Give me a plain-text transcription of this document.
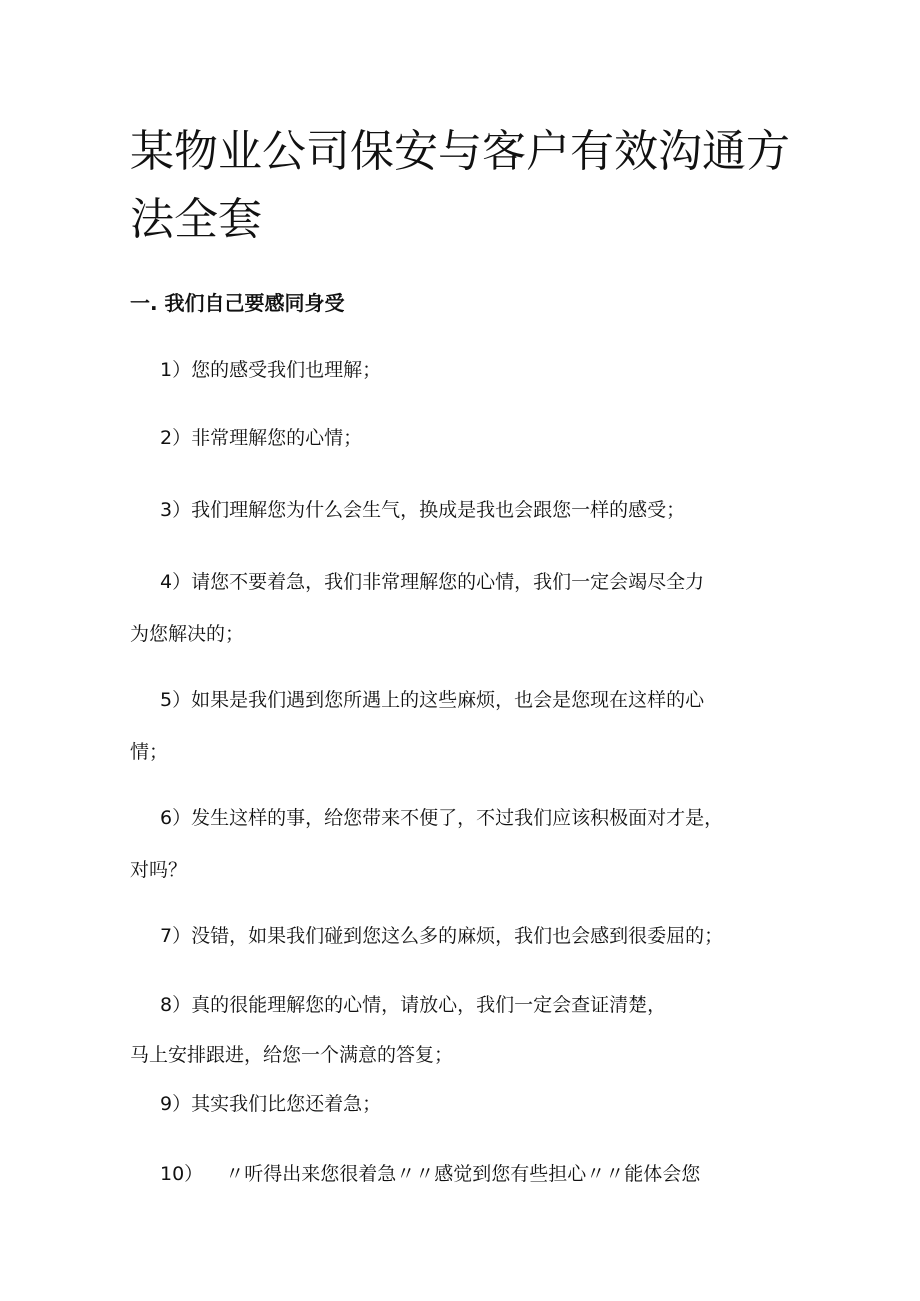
某物业公司保安与客户有效沟通方
法全套
一. 我们自己要感同身受

1）您的感受我们也理解；

2）非常理解您的心情；

3）我们理解您为什么会生气，换成是我也会跟您一样的感受；

4）请您不要着急，我们非常理解您的心情，我们一定会竭尽全力
为您解决的；

5）如果是我们遇到您所遇上的这些麻烦，也会是您现在这样的心
情；

6）发生这样的事，给您带来不便了，不过我们应该积极面对才是，
对吗？

7）没错，如果我们碰到您这么多的麻烦，我们也会感到很委屈的；

8）真的很能理解您的心情，请放心，我们一定会查证清楚，
马上安排跟进，给您一个满意的答复；

9）其实我们比您还着急；

10） 〃听得出来您很着急〃〃感觉到您有些担心〃〃能体会您
